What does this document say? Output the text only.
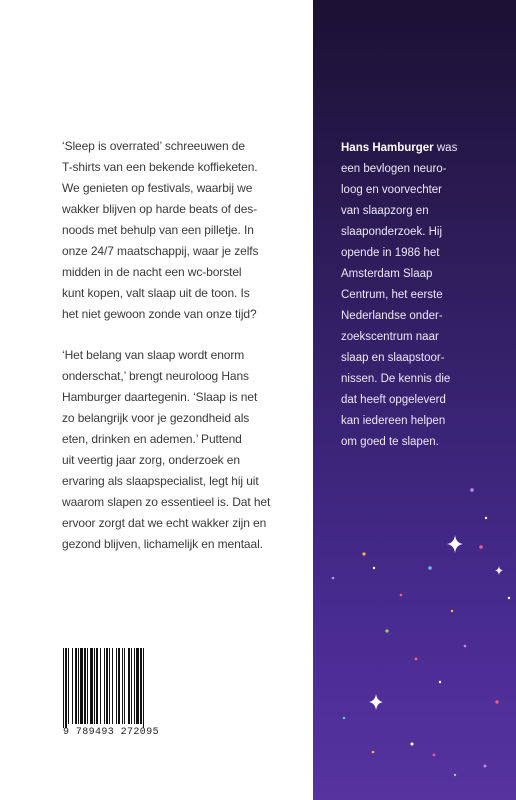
‘Sleep is overrated’ schreeuwen de
T-shirts van een bekende koffieketen.
We genieten op festivals, waarbij we
wakker blijven op harde beats of des-
noods met behulp van een pilletje. In
onze 24/7 maatschappij, waar je zelfs
midden in de nacht een wc-borstel
kunt kopen, valt slaap uit de toon. Is
het niet gewoon zonde van onze tijd?

‘Het belang van slaap wordt enorm
onderschat,’ brengt neuroloog Hans
Hamburger daartegenin. ‘Slaap is net
zo belangrijk voor je gezondheid als
eten, drinken en ademen.’ Puttend
uit veertig jaar zorg, onderzoek en
ervaring als slaapspecialist, legt hij uit
waarom slapen zo essentieel is. Dat het
ervoor zorgt dat we echt wakker zijn en
gezond blijven, lichamelijk en mentaal.

9 789493 272095
Hans Hamburger was
een bevlogen neuro-
loog en voorvechter
van slaapzorg en
slaaponderzoek. Hij
opende in 1986 het
Amsterdam Slaap
Centrum, het eerste
Nederlandse onder-
zoekscentrum naar
slaap en slaapstoor-
nissen. De kennis die
dat heeft opgeleverd
kan iedereen helpen
om goed te slapen.
